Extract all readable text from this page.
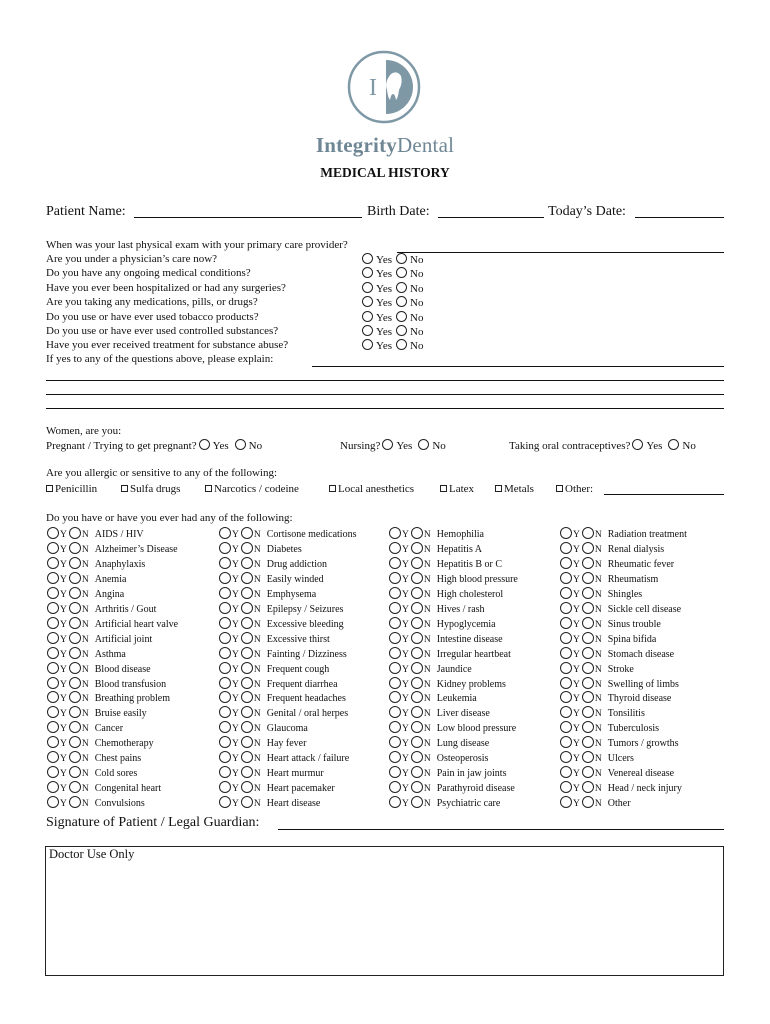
I
IntegrityDental
MEDICAL HISTORY
Patient Name:	Birth Date:	Today’s Date:
When was your last physical exam with your primary care provider?
Are you under a physician’s care now?	Yes No
Do you have any ongoing medical conditions?	Yes No
Have you ever been hospitalized or had any surgeries?	Yes No
Are you taking any medications, pills, or drugs?	Yes No
Do you use or have ever used tobacco products?	Yes No
Do you use or have ever used controlled substances?	Yes No
Have you ever received treatment for substance abuse?	Yes No
If yes to any of the questions above, please explain:
Women, are you:
Pregnant / Trying to get pregnant? Yes No	Nursing? Yes No	Taking oral contraceptives? Yes No
Are you allergic or sensitive to any of the following:
Penicillin	Sulfa drugs	Narcotics / codeine	Local anesthetics	Latex	Metals	Other:
Do you have or have you ever had any of the following:
Y N AIDS / HIV
Y N Alzheimer’s Disease
Y N Anaphylaxis
Y N Anemia
Y N Angina
Y N Arthritis / Gout
Y N Artificial heart valve
Y N Artificial joint
Y N Asthma
Y N Blood disease
Y N Blood transfusion
Y N Breathing problem
Y N Bruise easily
Y N Cancer
Y N Chemotherapy
Y N Chest pains
Y N Cold sores
Y N Congenital heart
Y N Convulsions
Y N Cortisone medications
Y N Diabetes
Y N Drug addiction
Y N Easily winded
Y N Emphysema
Y N Epilepsy / Seizures
Y N Excessive bleeding
Y N Excessive thirst
Y N Fainting / Dizziness
Y N Frequent cough
Y N Frequent diarrhea
Y N Frequent headaches
Y N Genital / oral herpes
Y N Glaucoma
Y N Hay fever
Y N Heart attack / failure
Y N Heart murmur
Y N Heart pacemaker
Y N Heart disease
Y N Hemophilia
Y N Hepatitis A
Y N Hepatitis B or C
Y N High blood pressure
Y N High cholesterol
Y N Hives / rash
Y N Hypoglycemia
Y N Intestine disease
Y N Irregular heartbeat
Y N Jaundice
Y N Kidney problems
Y N Leukemia
Y N Liver disease
Y N Low blood pressure
Y N Lung disease
Y N Osteoperosis
Y N Pain in jaw joints
Y N Parathyroid disease
Y N Psychiatric care
Y N Radiation treatment
Y N Renal dialysis
Y N Rheumatic fever
Y N Rheumatism
Y N Shingles
Y N Sickle cell disease
Y N Sinus trouble
Y N Spina bifida
Y N Stomach disease
Y N Stroke
Y N Swelling of limbs
Y N Thyroid disease
Y N Tonsilitis
Y N Tuberculosis
Y N Tumors / growths
Y N Ulcers
Y N Venereal disease
Y N Head / neck injury
Y N Other
Signature of Patient / Legal Guardian:
Doctor Use Only
